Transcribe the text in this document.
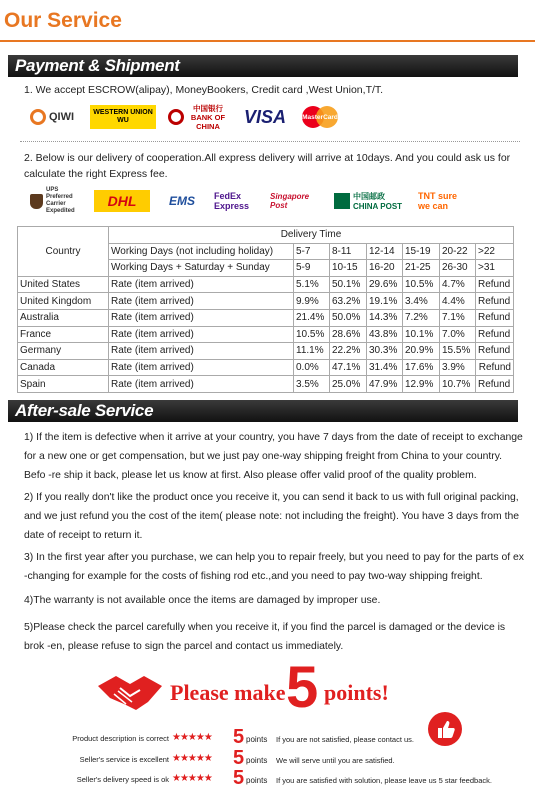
Our Service
Payment & Shipment
1. We accept ESCROW(alipay), MoneyBookers, Credit card ,West Union,T/T.
QIWI	WESTERN UNION WU
中国银行 BANK OF CHINA	VISA MasterCard
2. Below is our delivery of cooperation.All express delivery will arrive at 10days. And you could ask us for
calculate the right Express fee.
UPS Preferred Carrier Expedited
DHL	EMS FedEx Express
Singapore Post
中国邮政 CHINA POST
TNT sure we can
Country	Delivery Time						
	Working Days (not including holiday)	5-7	8-11	12-14	15-19	20-22	>22
	Working Days + Saturday + Sunday	5-9	10-15	16-20	21-25	26-30	>31
United States	Rate (item arrived)	5.1%	50.1%	29.6%	10.5%	4.7%	Refund
United Kingdom	Rate (item arrived)	9.9%	63.2%	19.1%	3.4%	4.4%	Refund
Australia	Rate (item arrived)	21.4%	50.0%	14.3%	7.2%	7.1%	Refund
France	Rate (item arrived)	10.5%	28.6%	43.8%	10.1%	7.0%	Refund
Germany	Rate (item arrived)	11.1%	22.2%	30.3%	20.9%	15.5%	Refund
Canada	Rate (item arrived)	0.0%	47.1%	31.4%	17.6%	3.9%	Refund
Spain	Rate (item arrived)	3.5%	25.0%	47.9%	12.9%	10.7%	Refund
After-sale Service
1) If the item is defective when it arrive at your country, you have 7 days from the date of receipt to exchange for a new one or get compensation, but we just pay one-way shipping freight from China to your country. Befo -re ship it back, please let us know at first. Also please offer valid proof of the quality problem.
2) If you really don't like the product once you receive it, you can send it back to us with full original packing, and we just refund you the cost of the item( please note: not including the freight). You have 3 days from the date of receipt to return it.
3) In the first year after you purchase, we can help you to repair freely, but you need to pay for the parts of ex -changing for example for the costs of fishing rod etc.,and you need to pay two-way shipping freight.
4)The warranty is not available once the items are damaged by improper use.
5)Please check the parcel carefully when you receive it, if you find the parcel is damaged or the device is brok -en, please refuse to sign the parcel and contact us immediately.
Please make 5 points!
Product description is correct ★★★★★ 5 points If you are not satisfied, please contact us.
Seller's service is excellent ★★★★★ 5 points We will serve until you are satisfied.
Seller's delivery speed is ok ★★★★★ 5 points If you are satisfied with solution, please leave us 5 star feedback.
